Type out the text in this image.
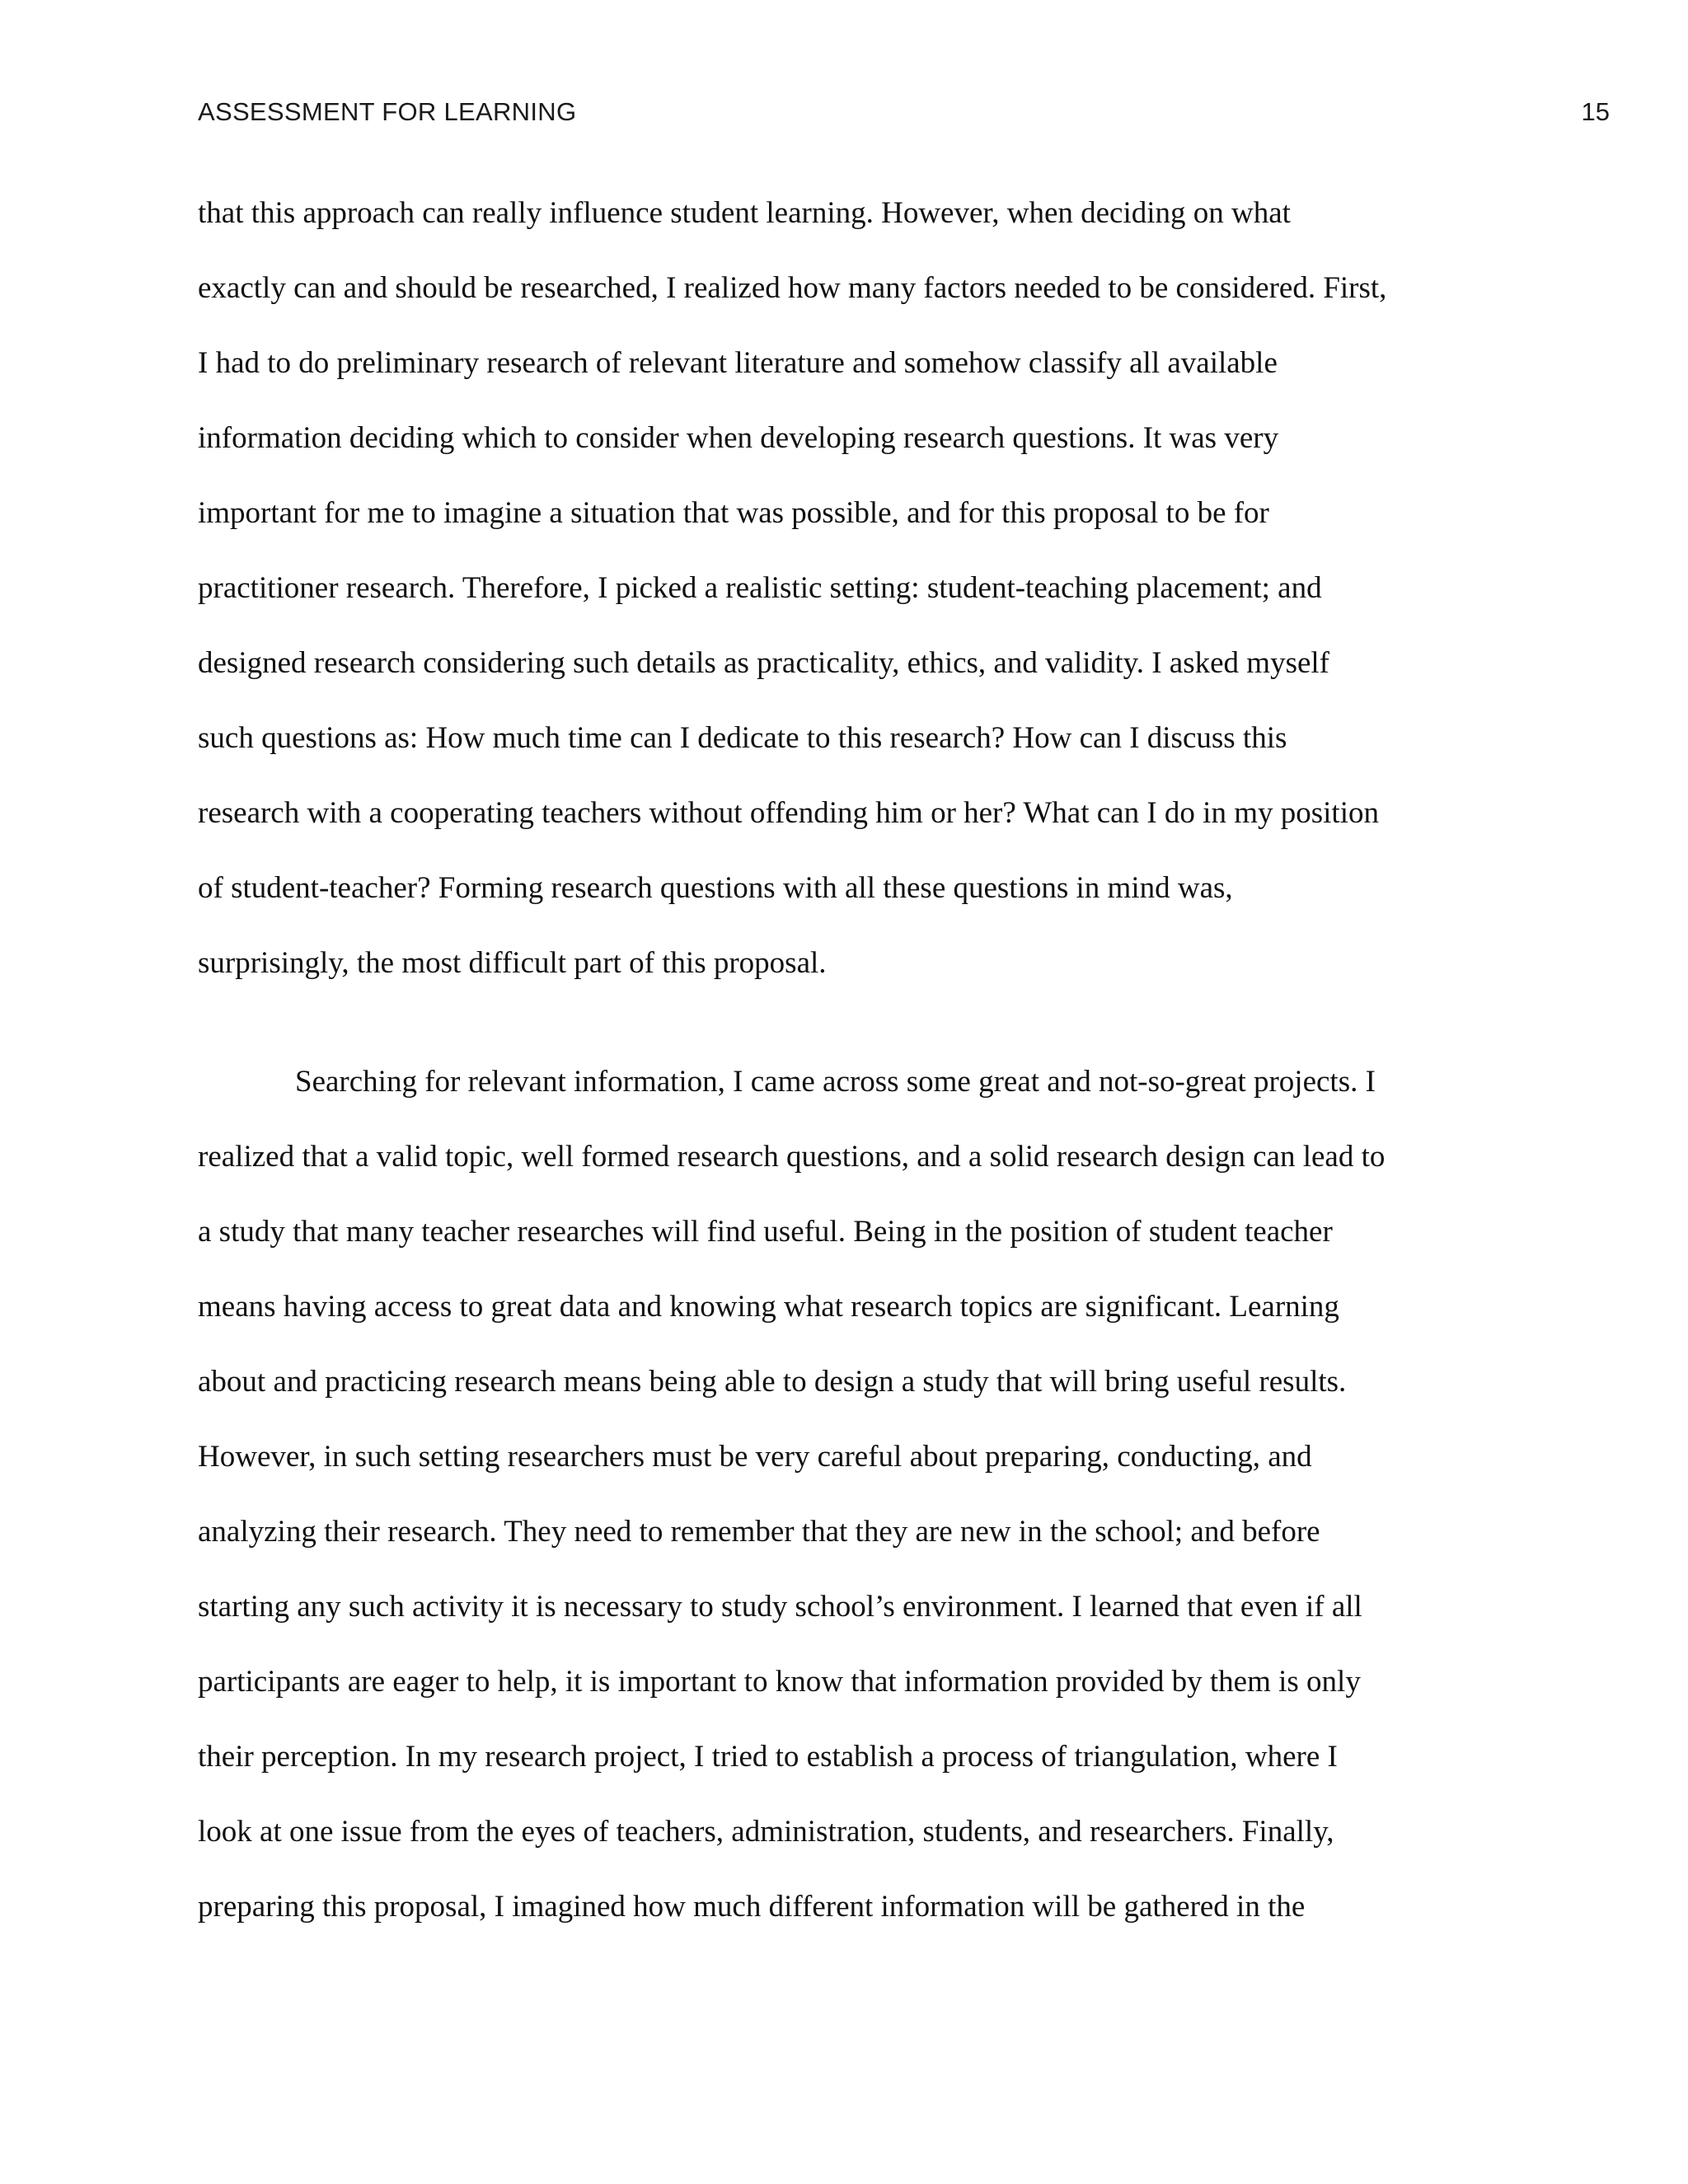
ASSESSMENT FOR LEARNING	15
that this approach can really influence student learning. However, when deciding on what
exactly can and should be researched, I realized how many factors needed to be considered. First,
I had to do preliminary research of relevant literature and somehow classify all available
information deciding which to consider when developing research questions. It was very
important for me to imagine a situation that was possible, and for this proposal to be for
practitioner research. Therefore, I picked a realistic setting: student-teaching placement; and
designed research considering such details as practicality, ethics, and validity. I asked myself
such questions as: How much time can I dedicate to this research? How can I discuss this
research with a cooperating teachers without offending him or her? What can I do in my position
of student-teacher? Forming research questions with all these questions in mind was,
surprisingly, the most difficult part of this proposal.
Searching for relevant information, I came across some great and not-so-great projects. I
realized that a valid topic, well formed research questions, and a solid research design can lead to
a study that many teacher researches will find useful. Being in the position of student teacher
means having access to great data and knowing what research topics are significant. Learning
about and practicing research means being able to design a study that will bring useful results.
However, in such setting researchers must be very careful about preparing, conducting, and
analyzing their research. They need to remember that they are new in the school; and before
starting any such activity it is necessary to study school’s environment. I learned that even if all
participants are eager to help, it is important to know that information provided by them is only
their perception. In my research project, I tried to establish a process of triangulation, where I
look at one issue from the eyes of teachers, administration, students, and researchers. Finally,
preparing this proposal, I imagined how much different information will be gathered in the
